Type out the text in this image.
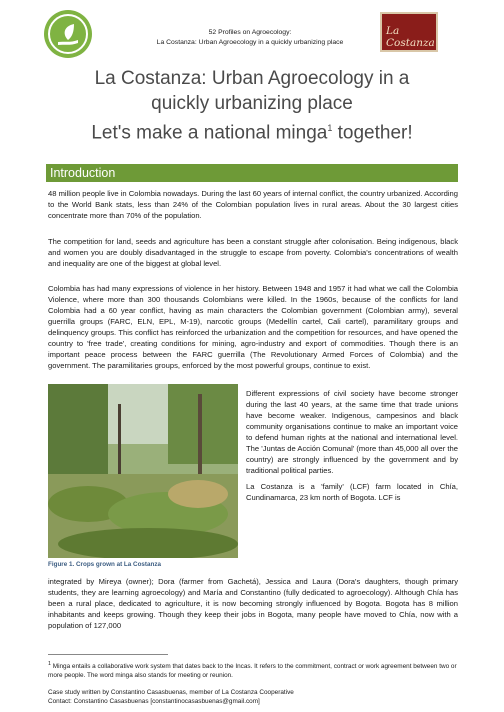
52 Profiles on Agroecology:
La Costanza: Urban Agroecology in a quickly urbanizing place
La Costanza
La Costanza: Urban Agroecology in a
quickly urbanizing place
Let's make a national minga$^1$ together!
Introduction
48 million people live in Colombia nowadays. During the last 60 years of internal conflict, the country urbanized. According to the World Bank stats, less than 24% of the Colombian population lives in rural areas. About the 30 largest cities concentrate more than 70% of the population.
The competition for land, seeds and agriculture has been a constant struggle after colonisation. Being indigenous, black and women you are doubly disadvantaged in the struggle to escape from poverty. Colombia's concentrations of wealth and inequality are one of the biggest at global level.
Colombia has had many expressions of violence in her history. Between 1948 and 1957 it had what we call the Colombia Violence, where more than 300 thousands Colombians were killed. In the 1960s, because of the conflicts for land Colombia had a 60 year conflict, having as main characters the Colombian government (Colombian army), several guerrilla groups (FARC, ELN, EPL, M-19), narcotic groups (Medellín cartel, Cali cartel), paramilitary groups and delinquency groups. This conflict has reinforced the urbanization and the competition for resources, and have opened the country to 'free trade', creating conditions for mining, agro-industry and export of commodities. Though there is an important peace process between the FARC guerrilla (The Revolutionary Armed Forces of Colombia) and the government. The paramilitaries groups, enforced by the most powerful groups, continue to exist.
Figure 1. Crops grown at La Costanza

Different expressions of civil society have become stronger during the last 40 years, at the same time that trade unions have become weaker. Indigenous, campesinos and black community organisations continue to make an important voice to defend human rights at the national and international level. The 'Juntas de Acción Comunal' (more than 45,000 all over the country) are strongly influenced by the government and by traditional political parties.

La Costanza is a 'family' (LCF) farm located in Chía, Cundinamarca, 23 km north of Bogota. LCF is

integrated by Mireya (owner); Dora (farmer from Gachetá), Jessica and Laura (Dora's daughters, though primary students, they are learning agroecology) and María and Constantino (fully dedicated to agroecology). Although Chía has been a rural place, dedicated to agriculture, it is now becoming strongly influenced by Bogota. Bogota has 8 million inhabitants and keeps growing. Though they keep their jobs in Bogota, many people have moved to Chía, now with a population of 127,000
$^1$ Minga entails a collaborative work system that dates back to the Incas. It refers to the commitment, contract or work agreement between two or more people. The word minga also stands for meeting or reunion.
Case study written by Constantino Casasbuenas, member of La Costanza Cooperative
Contact: Constantino Casasbuenas [constantinocasasbuenas@gmail.com]
